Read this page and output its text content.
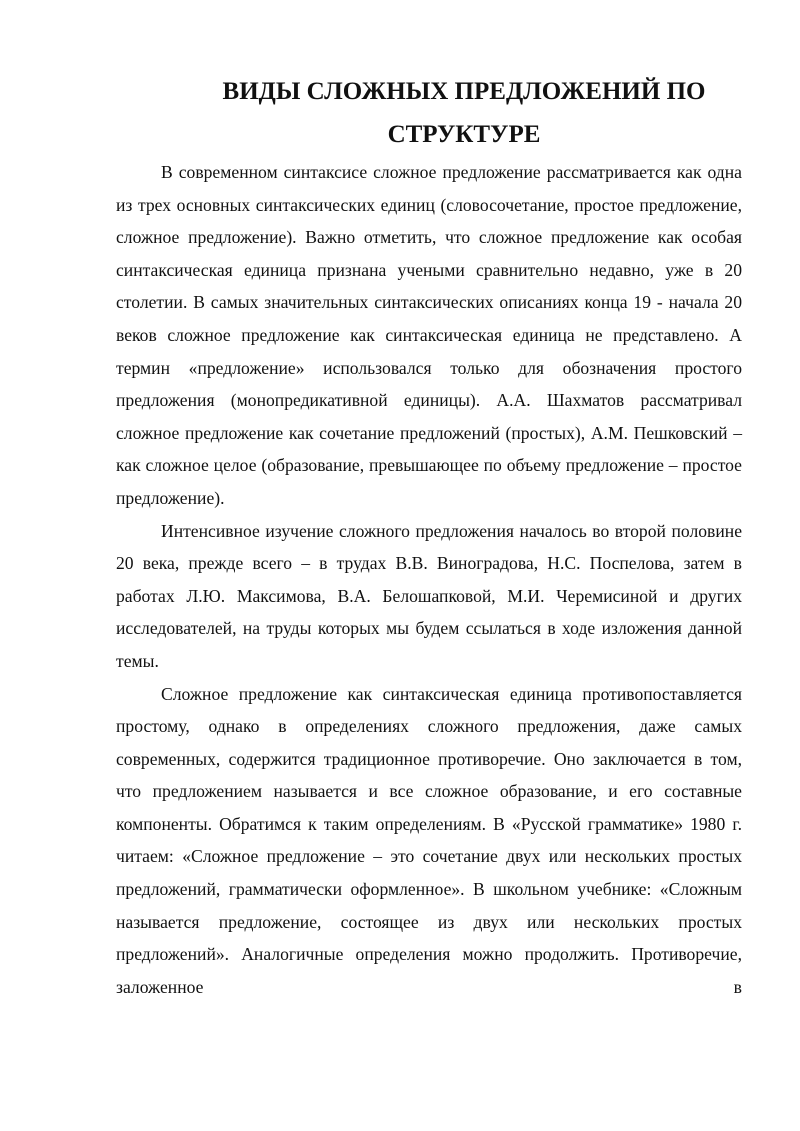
ВИДЫ СЛОЖНЫХ ПРЕДЛОЖЕНИЙ ПО
СТРУКТУРЕ

В современном синтаксисе сложное предложение рассматривается как одна из трех основных синтаксических единиц (словосочетание, простое предложение, сложное предложение). Важно отметить, что сложное предложение как особая синтаксическая единица признана учеными сравнительно недавно, уже в 20 столетии. В самых значительных синтаксических описаниях конца 19 - начала 20 веков сложное предложение как синтаксическая единица не представлено. А термин «предложение» использовался только для обозначения простого предложения (монопредикативной единицы). А.А. Шахматов рассматривал сложное предложение как сочетание предложений (простых), А.М. Пешковский – как сложное целое (образование, превышающее по объему предложение – простое предложение).

Интенсивное изучение сложного предложения началось во второй половине 20 века, прежде всего – в трудах В.В. Виноградова, Н.С. Поспелова, затем в работах Л.Ю. Максимова, В.А. Белошапковой, М.И. Черемисиной и других исследователей, на труды которых мы будем ссылаться в ходе изложения данной темы.

Сложное предложение как синтаксическая единица противопоставляется простому, однако в определениях сложного предложения, даже самых современных, содержится традиционное противоречие. Оно заключается в том, что предложением называется и все сложное образование, и его составные компоненты. Обратимся к таким определениям. В «Русской грамматике» 1980 г. читаем: «Сложное предложение – это сочетание двух или нескольких простых предложений, грамматически оформленное». В школьном учебнике: «Сложным называется предложение, состоящее из двух или нескольких простых предложений». Аналогичные определения можно продолжить. Противоречие, заложенное в
